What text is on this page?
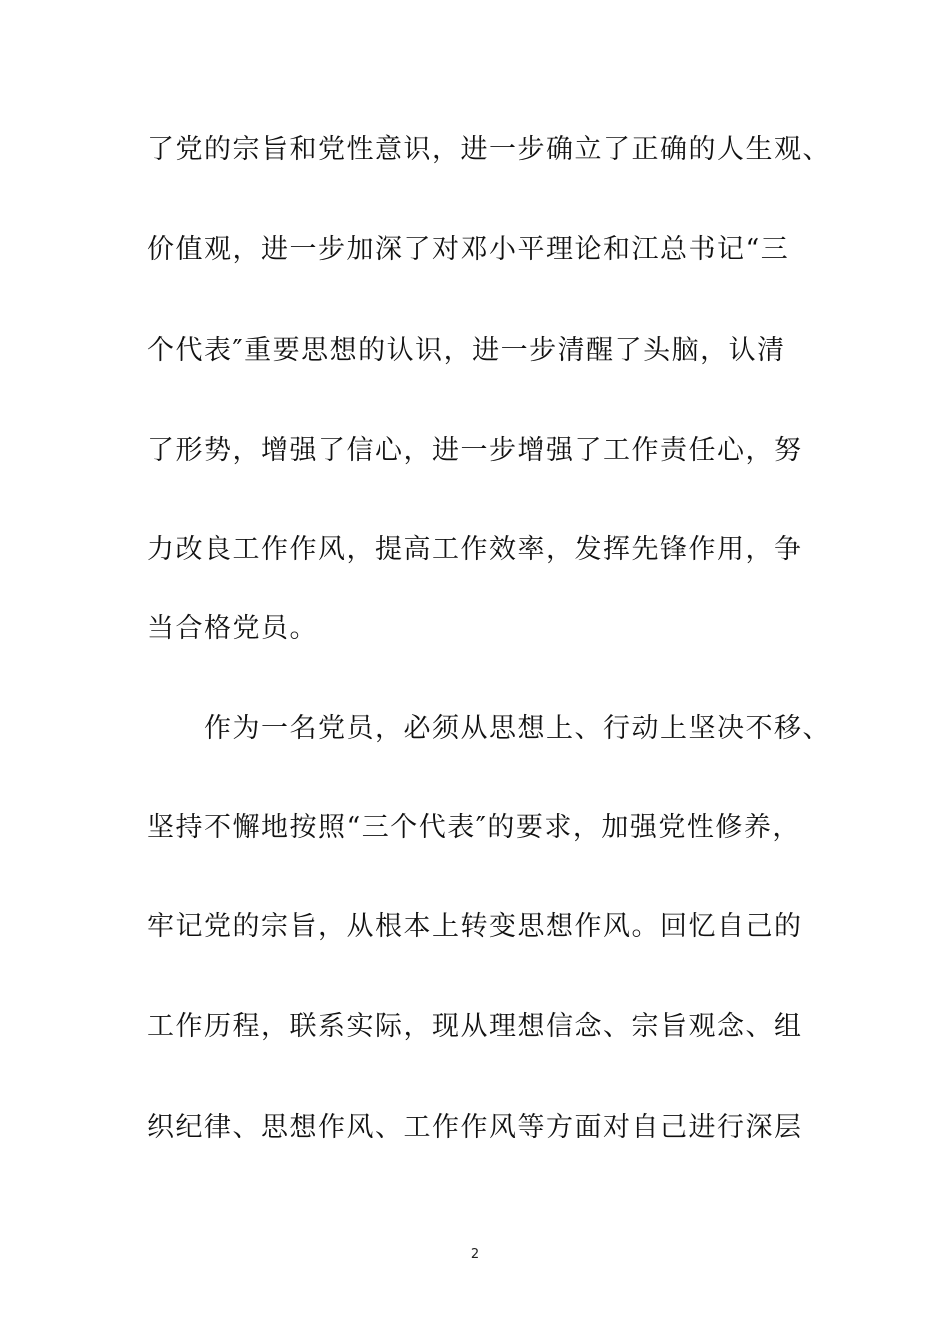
了党的宗旨和党性意识，进一步确立了正确的人生观、
价值观，进一步加深了对邓小平理论和江总书记“三
个代表″重要思想的认识，进一步清醒了头脑，认清
了形势，增强了信心，进一步增强了工作责任心，努
力改良工作作风，提高工作效率，发挥先锋作用，争
当合格党员。
　　作为一名党员，必须从思想上、行动上坚决不移、
坚持不懈地按照“三个代表″的要求，加强党性修养，
牢记党的宗旨，从根本上转变思想作风。回忆自己的
工作历程，联系实际，现从理想信念、宗旨观念、组
织纪律、思想作风、工作作风等方面对自己进行深层
2
